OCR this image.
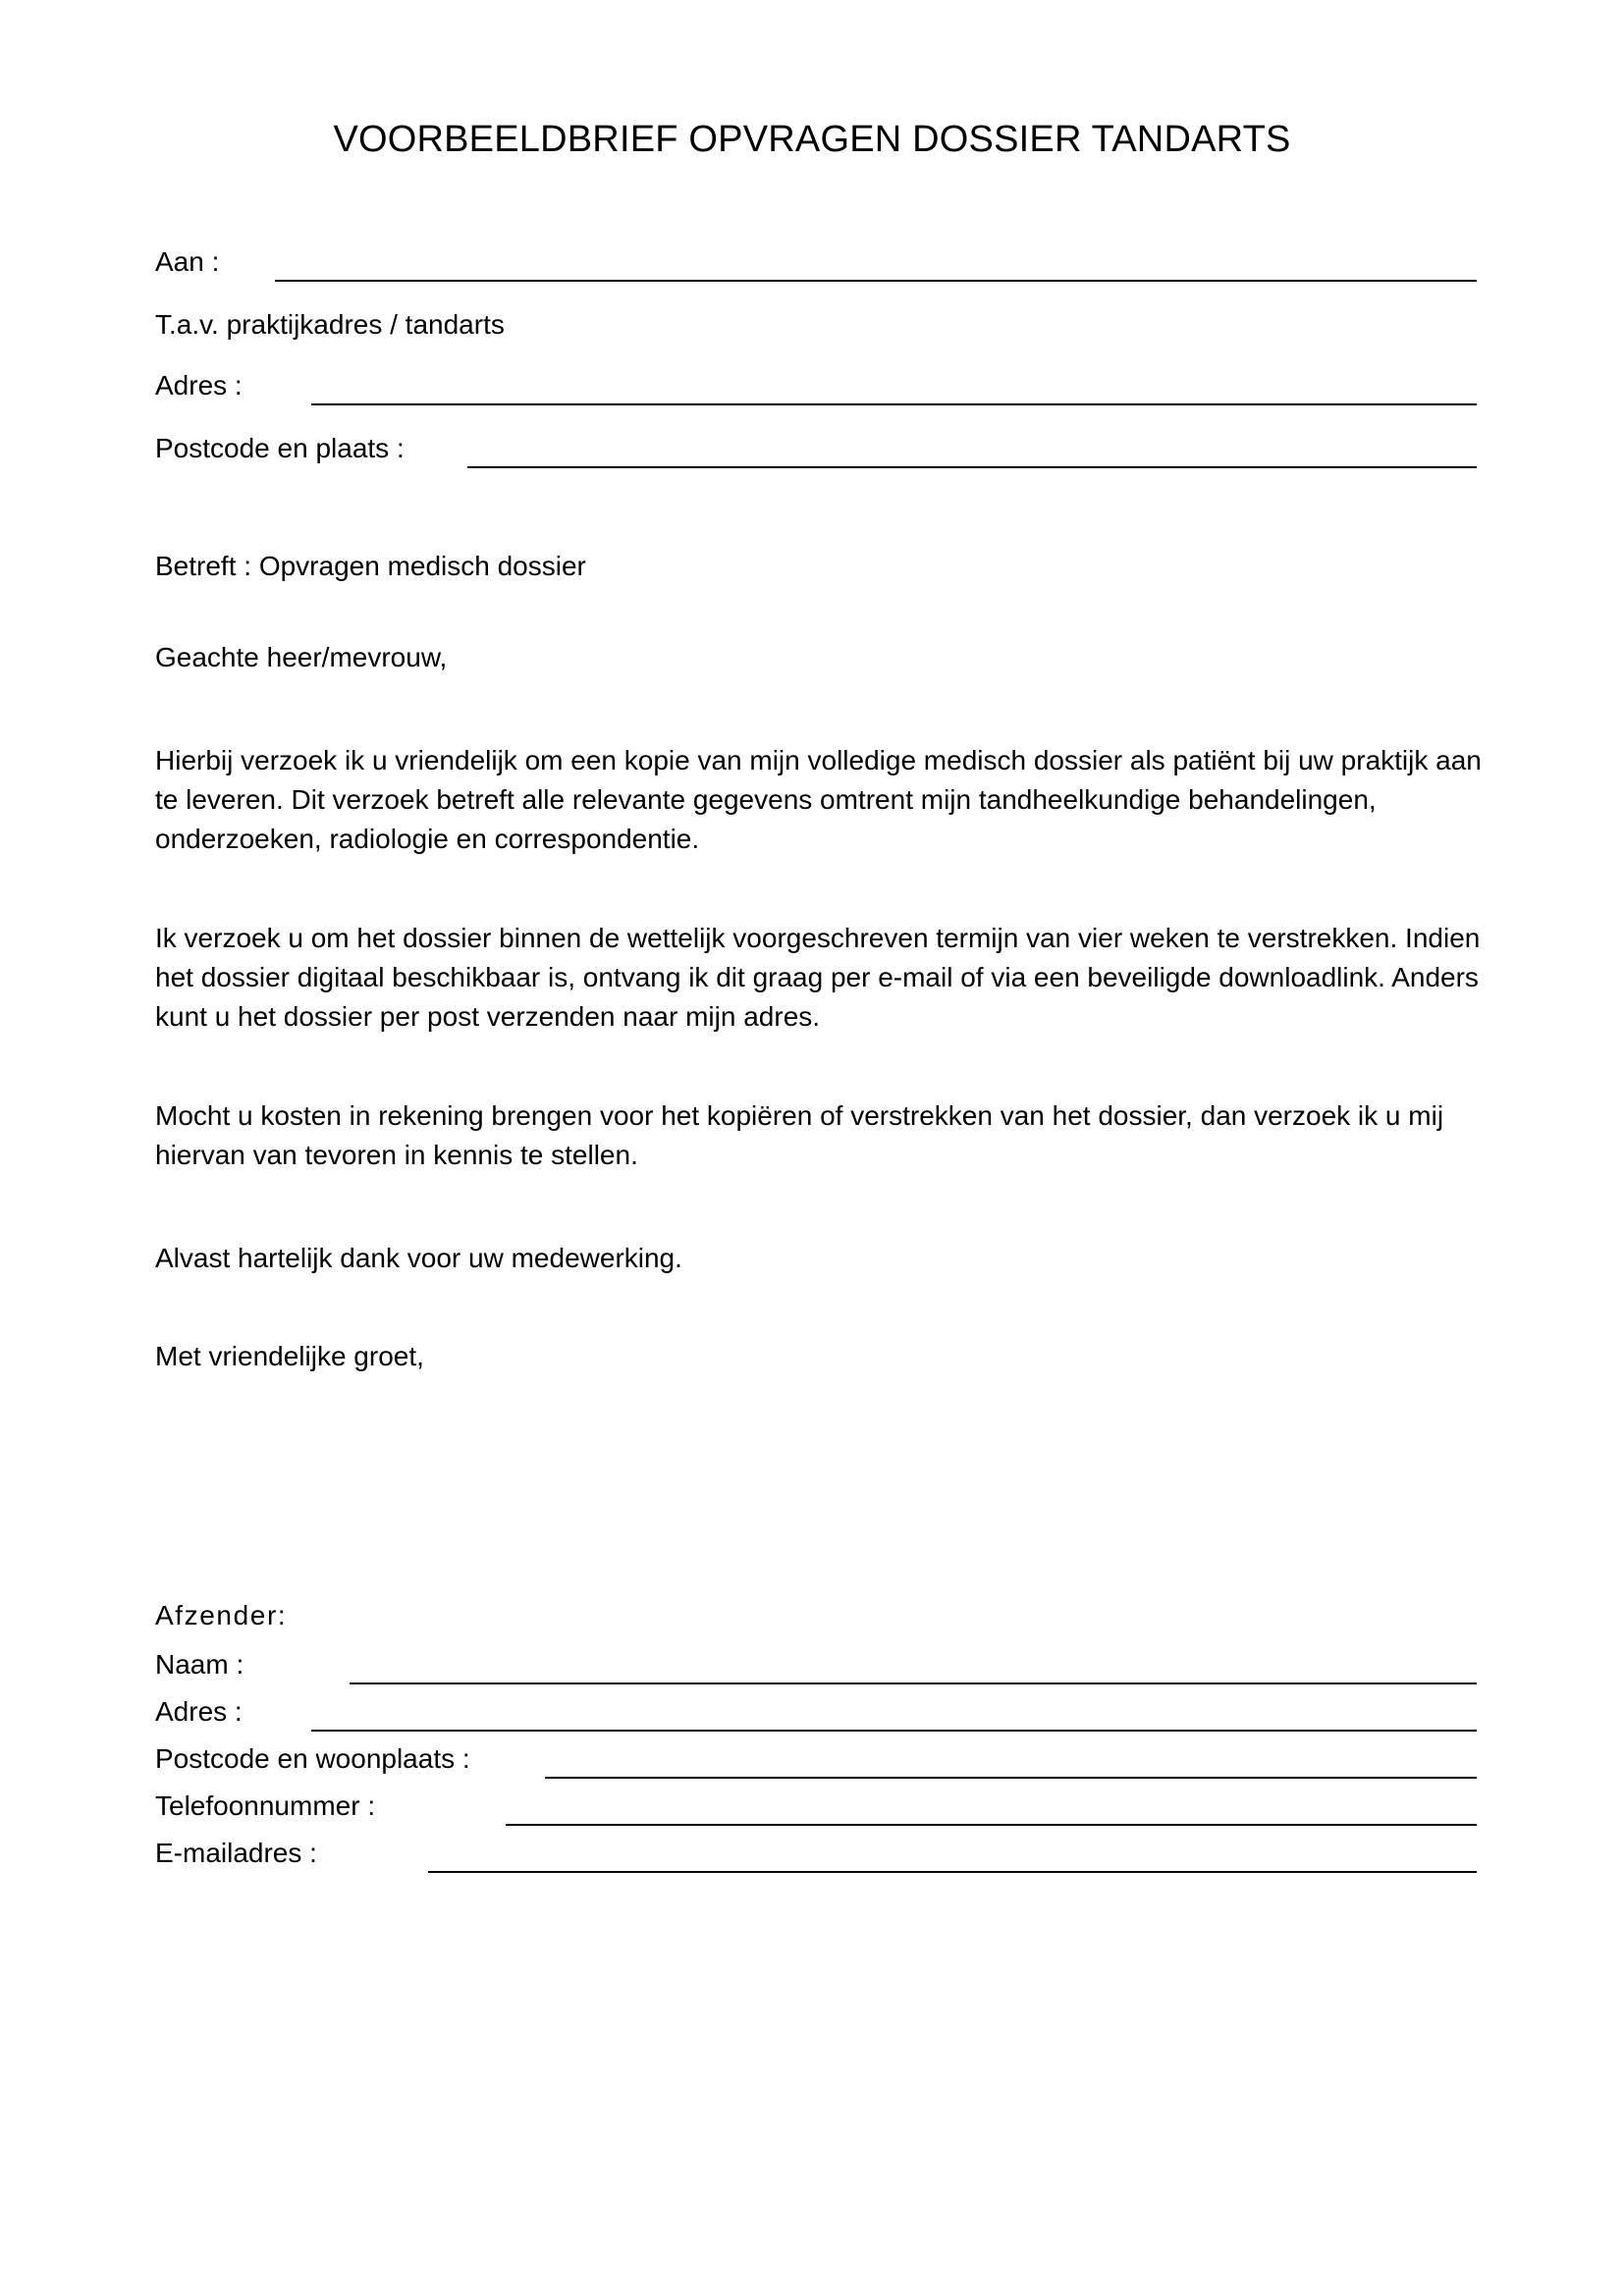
VOORBEELDBRIEF OPVRAGEN DOSSIER TANDARTS
Aan :
T.a.v. praktijkadres / tandarts
Adres :
Postcode en plaats :
Betreft : Opvragen medisch dossier
Geachte heer/mevrouw,
Hierbij verzoek ik u vriendelijk om een kopie van mijn volledige medisch dossier als patiënt bij uw praktijk aan te leveren. Dit verzoek betreft alle relevante gegevens omtrent mijn tandheelkundige behandelingen, onderzoeken, radiologie en correspondentie.
Ik verzoek u om het dossier binnen de wettelijk voorgeschreven termijn van vier weken te verstrekken. Indien het dossier digitaal beschikbaar is, ontvang ik dit graag per e-mail of via een beveiligde downloadlink. Anders kunt u het dossier per post verzenden naar mijn adres.
Mocht u kosten in rekening brengen voor het kopiëren of verstrekken van het dossier, dan verzoek ik u mij hiervan van tevoren in kennis te stellen.
Alvast hartelijk dank voor uw medewerking.
Met vriendelijke groet,
Afzender:
Naam :
Adres :
Postcode en woonplaats :
Telefoonnummer :
E-mailadres :
